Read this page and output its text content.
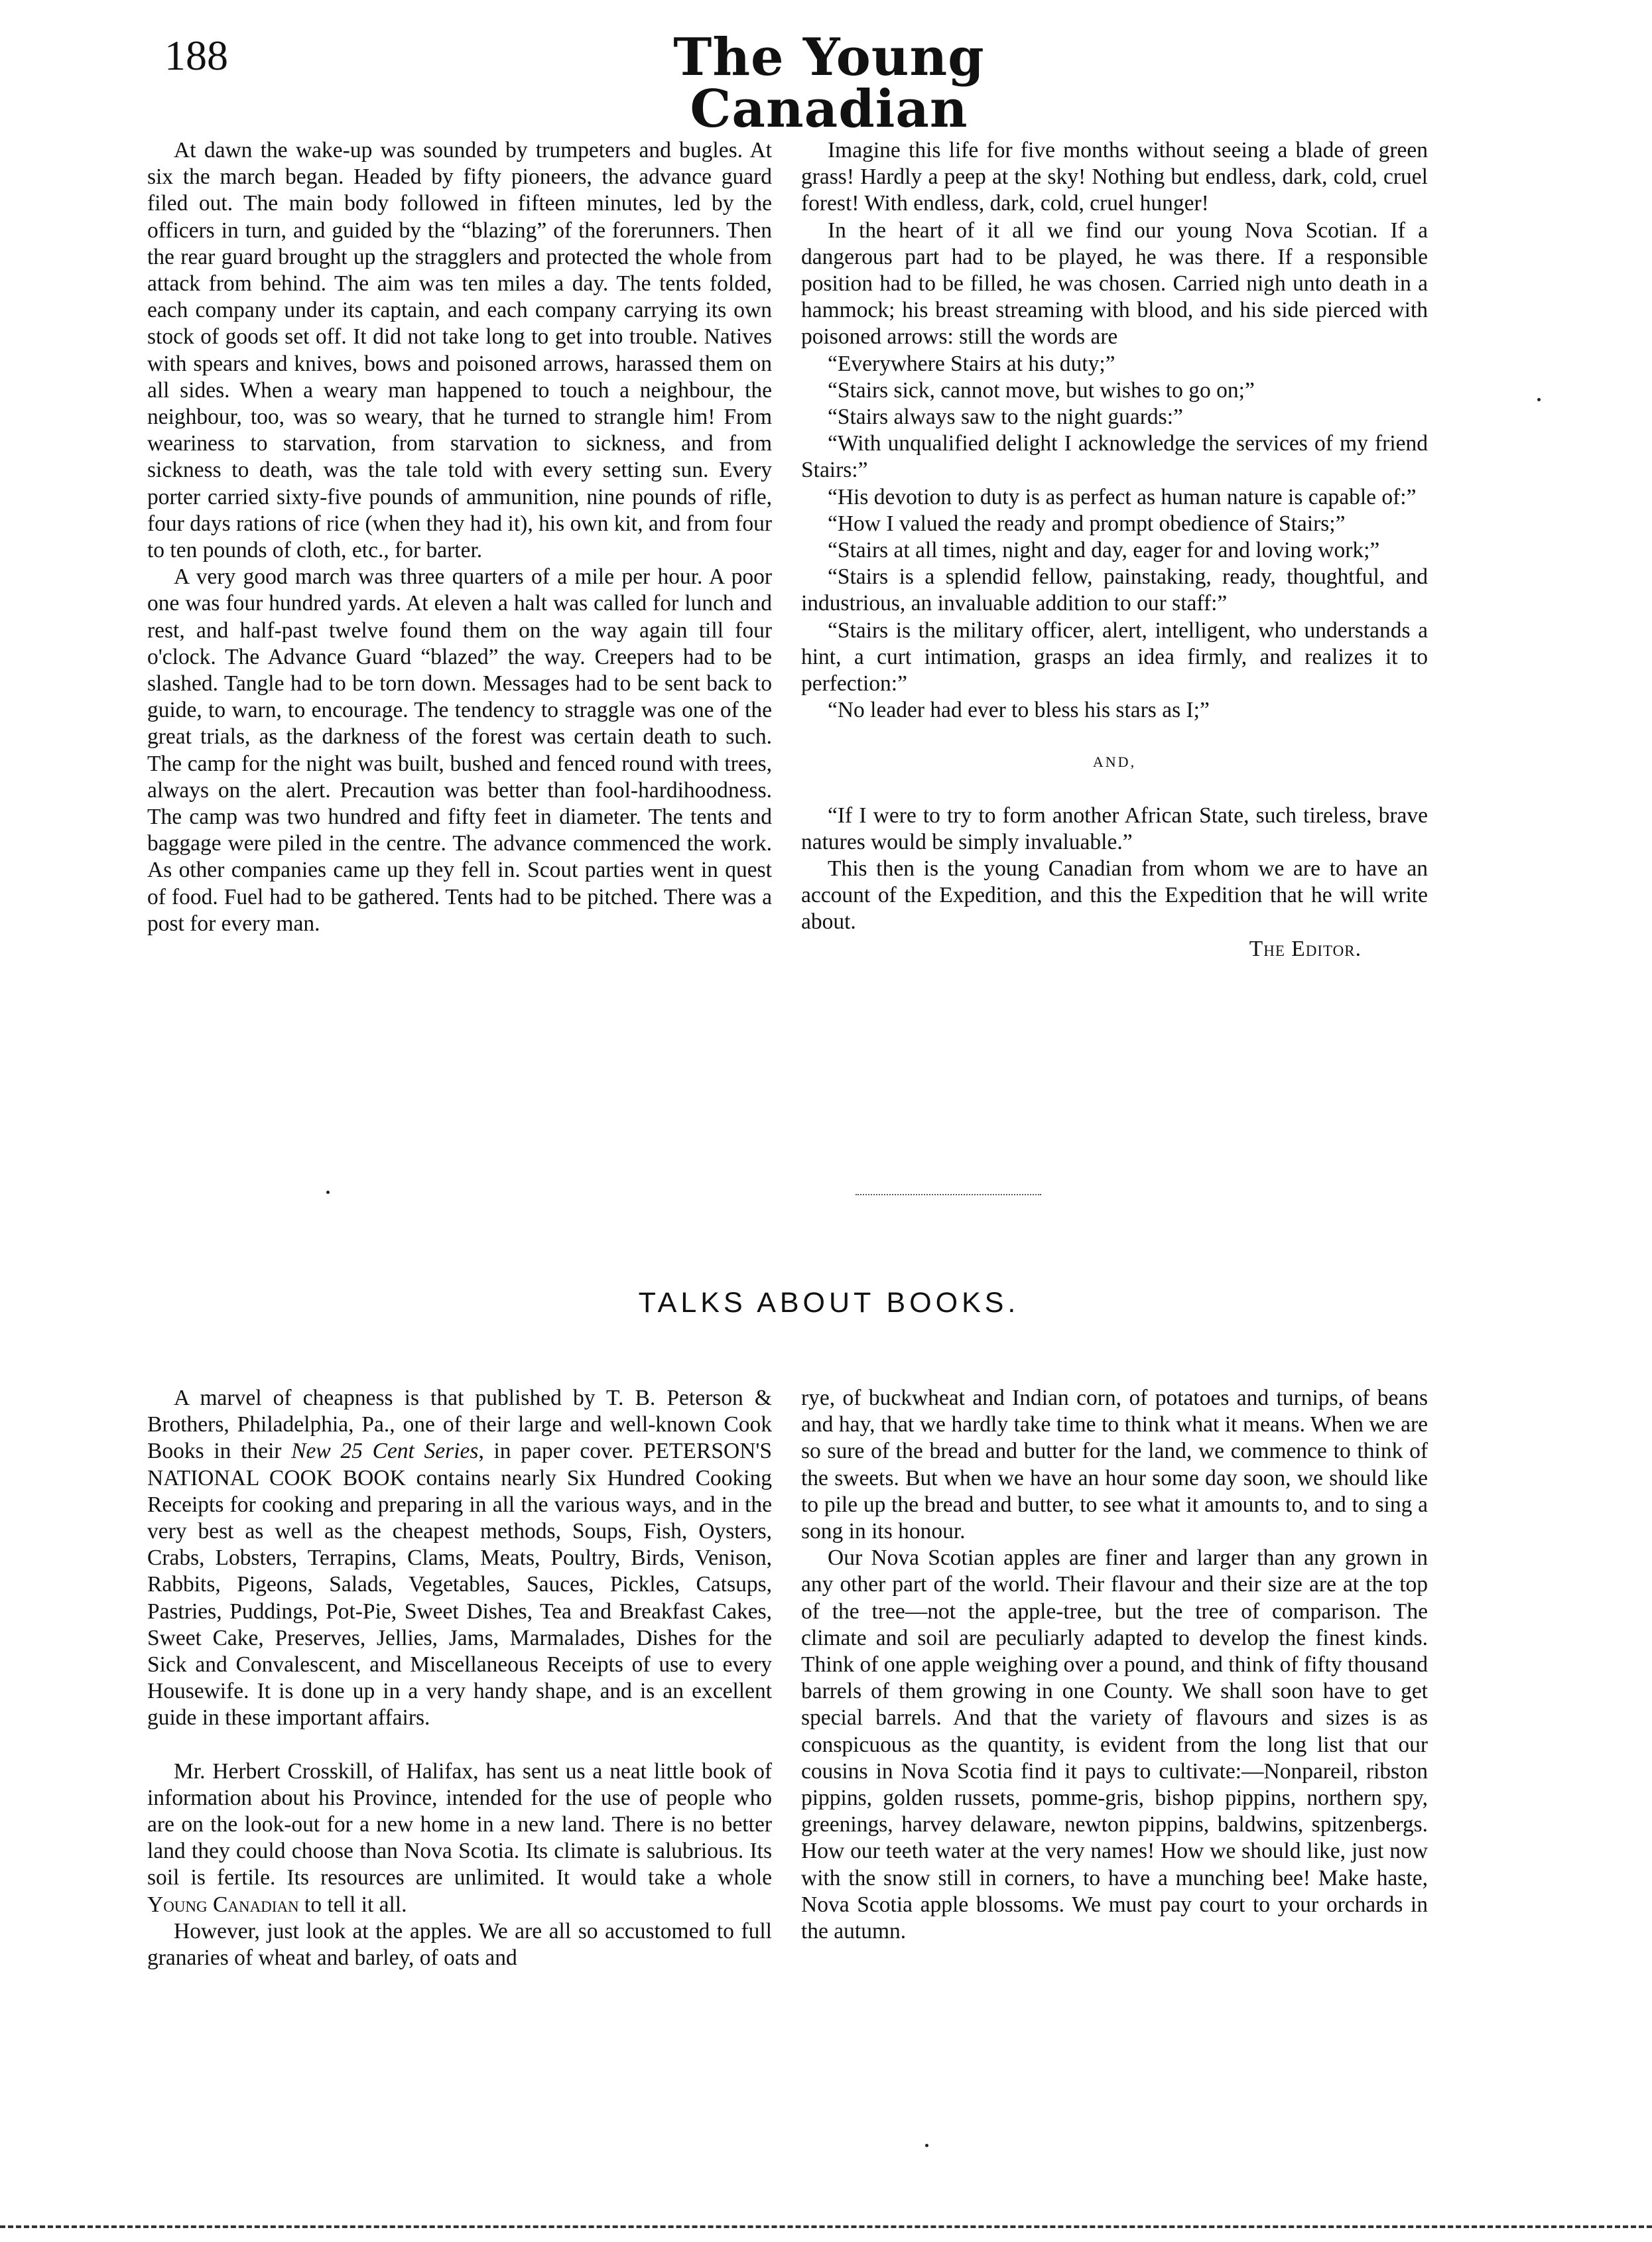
188	The Young Canadian

At dawn the wake-up was sounded by trumpeters and bugles. At six the march began. Headed by fifty pioneers, the advance guard filed out. The main body followed in fifteen minutes, led by the officers in turn, and guided by the “blazing” of the forerunners. Then the rear guard brought up the stragglers and protected the whole from attack from behind. The aim was ten miles a day. The tents folded, each company under its captain, and each company carrying its own stock of goods set off. It did not take long to get into trouble. Natives with spears and knives, bows and poisoned arrows, harassed them on all sides. When a weary man happened to touch a neighbour, the neighbour, too, was so weary, that he turned to strangle him! From weariness to starvation, from starvation to sickness, and from sickness to death, was the tale told with every setting sun. Every porter carried sixty-five pounds of ammunition, nine pounds of rifle, four days rations of rice (when they had it), his own kit, and from four to ten pounds of cloth, etc., for barter.

A very good march was three quarters of a mile per hour. A poor one was four hundred yards. At eleven a halt was called for lunch and rest, and half-past twelve found them on the way again till four o'clock. The Advance Guard “blazed” the way. Creepers had to be slashed. Tangle had to be torn down. Messages had to be sent back to guide, to warn, to encourage. The tendency to straggle was one of the great trials, as the darkness of the forest was certain death to such. The camp for the night was built, bushed and fenced round with trees, always on the alert. Precaution was better than fool-hardihoodness. The camp was two hundred and fifty feet in diameter. The tents and baggage were piled in the centre. The advance commenced the work. As other companies came up they fell in. Scout parties went in quest of food. Fuel had to be gathered. Tents had to be pitched. There was a post for every man.

Imagine this life for five months without seeing a blade of green grass! Hardly a peep at the sky! Nothing but endless, dark, cold, cruel forest! With endless, dark, cold, cruel hunger!

In the heart of it all we find our young Nova Scotian. If a dangerous part had to be played, he was there. If a responsible position had to be filled, he was chosen. Carried nigh unto death in a hammock; his breast streaming with blood, and his side pierced with poisoned arrows: still the words are

“Everywhere Stairs at his duty;”

“Stairs sick, cannot move, but wishes to go on;”

“Stairs always saw to the night guards:”

“With unqualified delight I acknowledge the services of my friend Stairs:”

“His devotion to duty is as perfect as human nature is capable of:”

“How I valued the ready and prompt obedience of Stairs;”

“Stairs at all times, night and day, eager for and loving work;”

“Stairs is a splendid fellow, painstaking, ready, thoughtful, and industrious, an invaluable addition to our staff:”

“Stairs is the military officer, alert, intelligent, who understands a hint, a curt intimation, grasps an idea firmly, and realizes it to perfection:”

“No leader had ever to bless his stars as I;”

AND,

“If I were to try to form another African State, such tireless, brave natures would be simply invaluable.”

This then is the young Canadian from whom we are to have an account of the Expedition, and this the Expedition that he will write about.

The Editor.

TALKS ABOUT BOOKS.

A marvel of cheapness is that published by T. B. Peterson & Brothers, Philadelphia, Pa., one of their large and well-known Cook Books in their New 25 Cent Series, in paper cover. PETERSON'S NATIONAL COOK BOOK contains nearly Six Hundred Cooking Receipts for cooking and preparing in all the various ways, and in the very best as well as the cheapest methods, Soups, Fish, Oysters, Crabs, Lobsters, Terrapins, Clams, Meats, Poultry, Birds, Venison, Rabbits, Pigeons, Salads, Vegetables, Sauces, Pickles, Catsups, Pastries, Puddings, Pot-Pie, Sweet Dishes, Tea and Breakfast Cakes, Sweet Cake, Preserves, Jellies, Jams, Marmalades, Dishes for the Sick and Convalescent, and Miscellaneous Receipts of use to every Housewife. It is done up in a very handy shape, and is an excellent guide in these important affairs.

Mr. Herbert Crosskill, of Halifax, has sent us a neat little book of information about his Province, intended for the use of people who are on the look-out for a new home in a new land. There is no better land they could choose than Nova Scotia. Its climate is salubrious. Its soil is fertile. Its resources are unlimited. It would take a whole Young Canadian to tell it all.

However, just look at the apples. We are all so accustomed to full granaries of wheat and barley, of oats and

rye, of buckwheat and Indian corn, of potatoes and turnips, of beans and hay, that we hardly take time to think what it means. When we are so sure of the bread and butter for the land, we commence to think of the sweets. But when we have an hour some day soon, we should like to pile up the bread and butter, to see what it amounts to, and to sing a song in its honour.

Our Nova Scotian apples are finer and larger than any grown in any other part of the world. Their flavour and their size are at the top of the tree—not the apple-tree, but the tree of comparison. The climate and soil are peculiarly adapted to develop the finest kinds. Think of one apple weighing over a pound, and think of fifty thousand barrels of them growing in one County. We shall soon have to get special barrels. And that the variety of flavours and sizes is as conspicuous as the quantity, is evident from the long list that our cousins in Nova Scotia find it pays to cultivate:—Nonpareil, ribston pippins, golden russets, pomme-gris, bishop pippins, northern spy, greenings, harvey delaware, newton pippins, baldwins, spitzenbergs. How our teeth water at the very names! How we should like, just now with the snow still in corners, to have a munching bee! Make haste, Nova Scotia apple blossoms. We must pay court to your orchards in the autumn.
